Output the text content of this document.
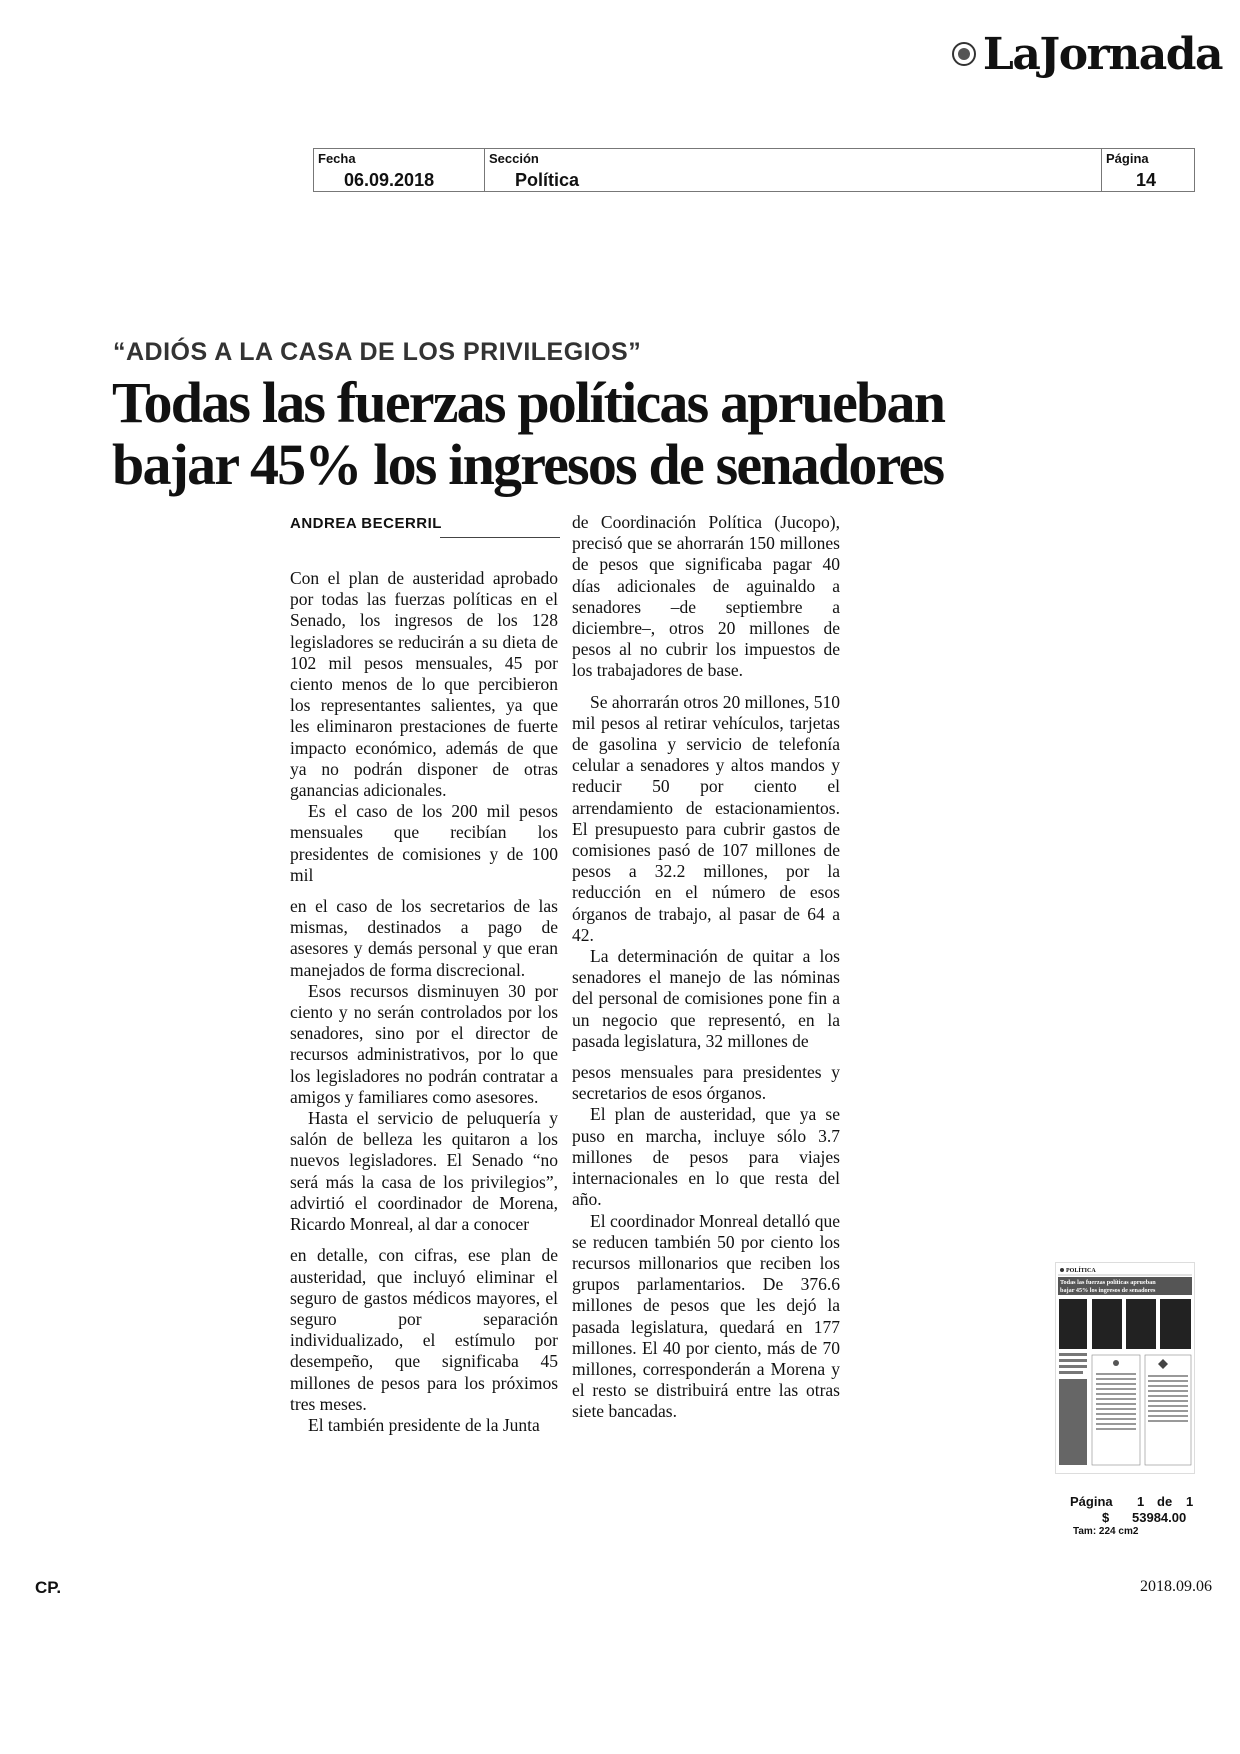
LaJornada
Fecha
06.09.2018
Sección
Política
Página
14
“ADIÓS A LA CASA DE LOS PRIVILEGIOS”
Todas las fuerzas políticas aprueban
bajar 45% los ingresos de senadores
ANDREA BECERRIL

Con el plan de austeridad aprobado por todas las fuerzas políticas en el Senado, los ingresos de los 128 legisladores se reducirán a su dieta de 102 mil pesos mensuales, 45 por ciento menos de lo que percibieron los representantes salientes, ya que les eliminaron prestaciones de fuerte impacto económico, además de que ya no podrán disponer de otras ganancias adicionales.

Es el caso de los 200 mil pesos mensuales que recibían los presidentes de comisiones y de 100 mil

en el caso de los secretarios de las mismas, destinados a pago de asesores y demás personal y que eran manejados de forma discrecional.

Esos recursos disminuyen 30 por ciento y no serán controlados por los senadores, sino por el director de recursos administrativos, por lo que los legisladores no podrán contratar a amigos y familiares como asesores.

Hasta el servicio de peluquería y salón de belleza les quitaron a los nuevos legisladores. El Senado “no será más la casa de los privilegios”, advirtió el coordinador de Morena, Ricardo Monreal, al dar a conocer

en detalle, con cifras, ese plan de austeridad, que incluyó eliminar el seguro de gastos médicos mayores, el seguro por separación individualizado, el estímulo por desempeño, que significaba 45 millones de pesos para los próximos tres meses.

El también presidente de la Junta

de Coordinación Política (Jucopo), precisó que se ahorrarán 150 millones de pesos que significaba pagar 40 días adicionales de aguinaldo a senadores –de septiembre a diciembre–, otros 20 millones de pesos al no cubrir los impuestos de los trabajadores de base.

Se ahorrarán otros 20 millones, 510 mil pesos al retirar vehículos, tarjetas de gasolina y servicio de telefonía celular a senadores y altos mandos y reducir 50 por ciento el arrendamiento de estacionamientos. El presupuesto para cubrir gastos de comisiones pasó de 107 millones de pesos a 32.2 millones, por la reducción en el número de esos órganos de trabajo, al pasar de 64 a 42.

La determinación de quitar a los senadores el manejo de las nóminas del personal de comisiones pone fin a un negocio que representó, en la pasada legislatura, 32 millones de

pesos mensuales para presidentes y secretarios de esos órganos.

El plan de austeridad, que ya se puso en marcha, incluye sólo 3.7 millones de pesos para viajes internacionales en lo que resta del año.

El coordinador Monreal detalló que se reducen también 50 por ciento los recursos millonarios que reciben los grupos parlamentarios. De 376.6 millones de pesos que les dejó la pasada legislatura, quedará en 177 millones. El 40 por ciento, más de 70 millones, corresponderán a Morena y el resto se distribuirá entre las otras siete bancadas.

POLÍTICA
Todas las fuerzas políticas aprueban
bajar 45% los ingresos de senadores
Página 1 de 1
$ 53984.00
Tam: 224 cm2
CP.	2018.09.06
